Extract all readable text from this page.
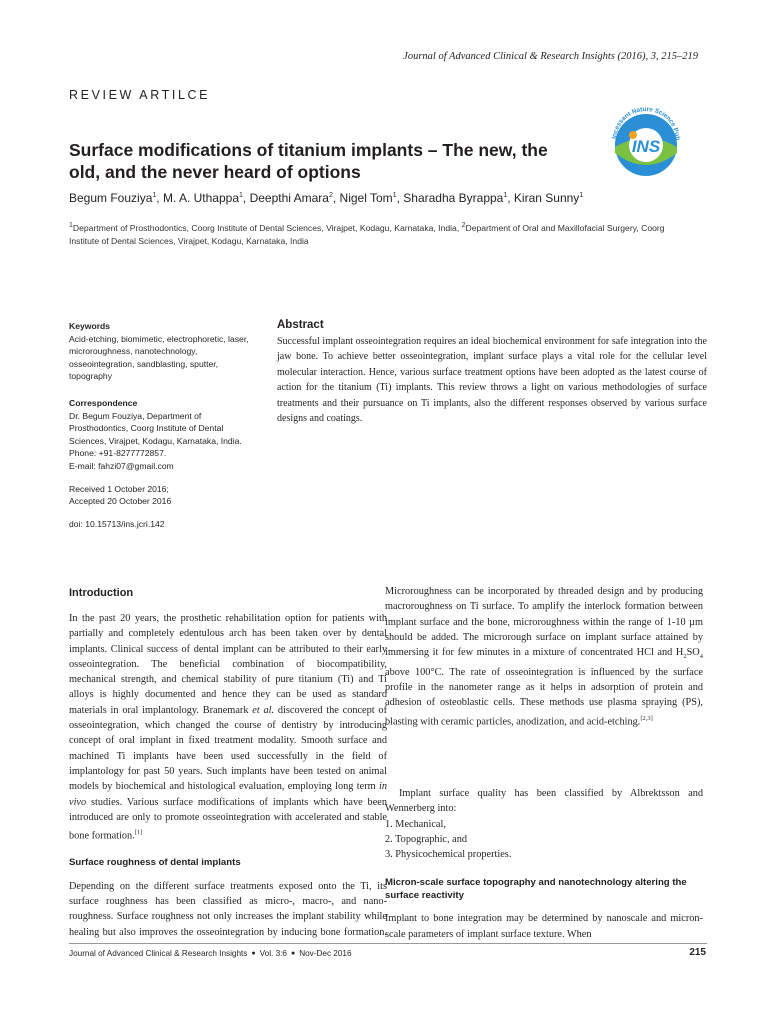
Journal of Advanced Clinical & Research Insights (2016), 3, 215–219
REVIEW ARTILCE
INS
Incessant Nature Science Pub
Surface modifications of titanium implants – The new, the old, and the never heard of options
Begum Fouziya$^1$, M. A. Uthappa$^1$, Deepthi Amara$^2$, Nigel Tom$^1$, Sharadha Byrappa$^1$, Kiran Sunny$^1$
$^1$Department of Prosthodontics, Coorg Institute of Dental Sciences, Virajpet, Kodagu, Karnataka, India, $^2$Department of Oral and Maxillofacial Surgery, Coorg Institute of Dental Sciences, Virajpet, Kodagu, Karnataka, India
Keywords
Acid-etching, biomimetic, electrophoretic, laser, microroughness, nanotechnology, osseointegration, sandblasting, sputter, topography
Correspondence
Dr. Begum Fouziya, Department of Prosthodontics, Coorg Institute of Dental Sciences, Virajpet, Kodagu, Karnataka, India.
Phone: +91-8277772857.
E-mail: fahzi07@gmail.com
Received 1 October 2016;
Accepted 20 October 2016
doi: 10.15713/ins.jcri.142
Abstract

Successful implant osseointegration requires an ideal biochemical environment for safe integration into the jaw bone. To achieve better osseointegration, implant surface plays a vital role for the cellular level molecular interaction. Hence, various surface treatment options have been adopted as the latest course of action for the titanium (Ti) implants. This review throws a light on various methodologies of surface treatments and their pursuance on Ti implants, also the different responses observed by various surface designs and coatings.

Introduction

In the past 20 years, the prosthetic rehabilitation option for patients with partially and completely edentulous arch has been taken over by dental implants. Clinical success of dental implant can be attributed to their early osseointegration. The beneficial combination of biocompatibility, mechanical strength, and chemical stability of pure titanium (Ti) and Ti alloys is highly documented and hence they can be used as standard materials in oral implantology. Branemark et al. discovered the concept of osseointegration, which changed the course of dentistry by introducing concept of oral implant in fixed treatment modality. Smooth surface and machined Ti implants have been used successfully in the field of implantology for past 50 years. Such implants have been tested on animal models by biochemical and histological evaluation, employing long term in vivo studies. Various surface modifications of implants which have been introduced are only to promote osseointegration with accelerated and stable bone formation.[1]

Surface roughness of dental implants

Depending on the different surface treatments exposed onto the Ti, its surface roughness has been classified as micro-, macro-, and nano-roughness. Surface roughness not only increases the implant stability while healing but also improves the osseointegration by inducing bone formation.

Microroughness can be incorporated by threaded design and by producing macroroughness on Ti surface. To amplify the interlock formation between implant surface and the bone, microroughness within the range of 1-10 µm should be added. The microrough surface on implant surface attained by immersing it for few minutes in a mixture of concentrated HCl and $H_2SO_4$ above 100°C. The rate of osseointegration is influenced by the surface profile in the nanometer range as it helps in adsorption of protein and adhesion of osteoblastic cells. These methods use plasma spraying (PS), blasting with ceramic particles, anodization, and acid-etching.[2,3]

Implant surface quality has been classified by Albrektsson and Wennerberg into:

1. Mechanical,
2. Topographic, and
3. Physicochemical properties.
Micron-scale surface topography and nanotechnology altering the surface reactivity

Implant to bone integration may be determined by nanoscale and micron-scale parameters of implant surface texture. When

Journal of Advanced Clinical & Research Insights ● Vol. 3:6 ● Nov-Dec 2016	215
